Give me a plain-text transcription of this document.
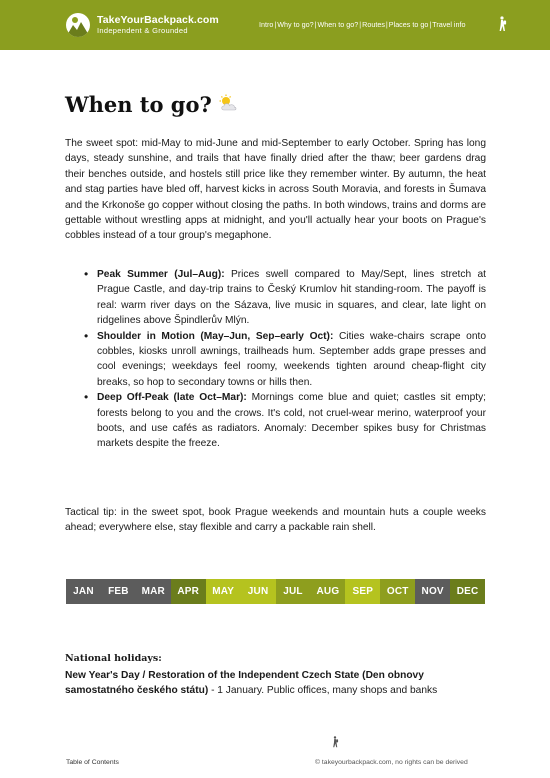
TakeYourBackpack.com
Independent & Grounded
Intro | Why to go? | When to go? | Routes | Places to go | Travel info
When to go?

The sweet spot: mid-May to mid-June and mid-September to early October. Spring has long days, steady sunshine, and trails that have finally dried after the thaw; beer gardens drag their benches outside, and hostels still price like they remember winter. By autumn, the heat and stag parties have bled off, harvest kicks in across South Moravia, and forests in Šumava and the Krkonoše go copper without closing the paths. In both windows, trains and dorms are gettable without wrestling apps at midnight, and you'll actually hear your boots on Prague's cobbles instead of a tour group's megaphone.

• Peak Summer (Jul–Aug): Prices swell compared to May/Sept, lines stretch at Prague Castle, and day-trip trains to Český Krumlov hit standing-room. The payoff is real: warm river days on the Sázava, live music in squares, and clear, late light on ridgelines above Špindlerův Mlýn.
• Shoulder in Motion (May–Jun, Sep–early Oct): Cities wake-chairs scrape onto cobbles, kiosks unroll awnings, trailheads hum. September adds grape presses and cool evenings; weekdays feel roomy, weekends tighten around cheap-flight city breaks, so hop to secondary towns or hills then.
• Deep Off-Peak (late Oct–Mar): Mornings come blue and quiet; castles sit empty; forests belong to you and the crows. It's cold, not cruel-wear merino, waterproof your boots, and use cafés as radiators. Anomaly: December spikes busy for Christmas markets despite the freeze.

Tactical tip: in the sweet spot, book Prague weekends and mountain huts a couple weeks ahead; everywhere else, stay flexible and carry a packable rain shell.

JAN	FEB	MAR	APR	MAY	JUN	JUL	AUG	SEP	OCT	NOV	DEC
National holidays:
New Year's Day / Restoration of the Independent Czech State (Den obnovy samostatného českého státu) - 1 January. Public offices, many shops and banks
Table of Contents	© takeyourbackpack.com, no rights can be derived
